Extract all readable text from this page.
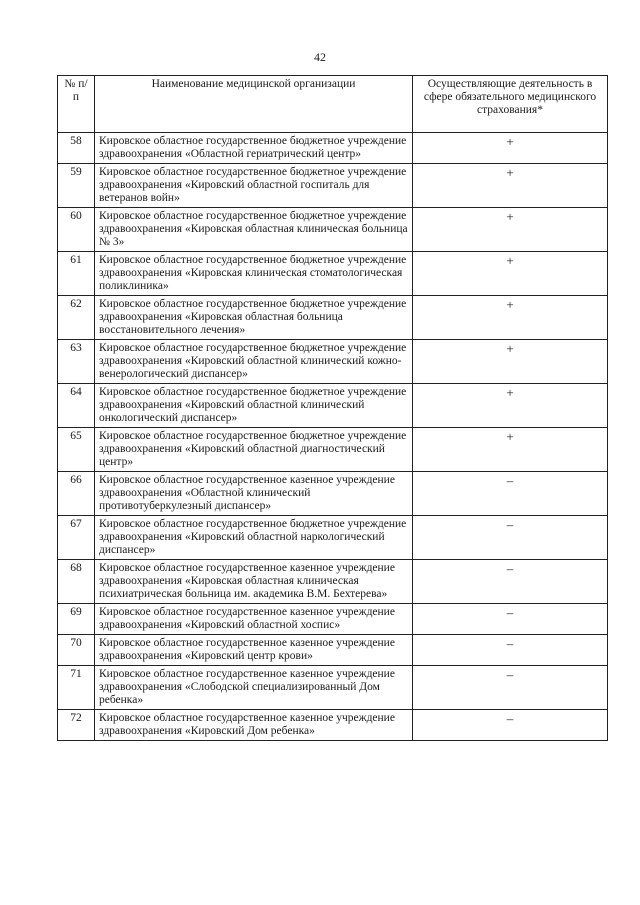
42
№ п/п	Наименование медицинской организации	Осуществляющие деятельность в сфере обязательного медицинского страхования*
58	Кировское областное государственное бюджетное учреждение здравоохранения «Областной гериатрический центр»	+
59	Кировское областное государственное бюджетное учреждение здравоохранения «Кировский областной госпиталь для ветеранов войн»	+
60	Кировское областное государственное бюджетное учреждение здравоохранения «Кировская областная клиническая больница № 3»	+
61	Кировское областное государственное бюджетное учреждение здравоохранения «Кировская клиническая стоматологическая поликлиника»	+
62	Кировское областное государственное бюджетное учреждение здравоохранения «Кировская областная больница восстановительного лечения»	+
63	Кировское областное государственное бюджетное учреждение здравоохранения «Кировский областной клинический кожно-венерологический диспансер»	+
64	Кировское областное государственное бюджетное учреждение здравоохранения «Кировский областной клинический онкологический диспансер»	+
65	Кировское областное государственное бюджетное учреждение здравоохранения «Кировский областной диагностический центр»	+
66	Кировское областное государственное казенное учреждение здравоохранения «Областной клинический противотуберкулезный диспансер»	–
67	Кировское областное государственное бюджетное учреждение здравоохранения «Кировский областной наркологический диспансер»	–
68	Кировское областное государственное казенное учреждение здравоохранения «Кировская областная клиническая психиатрическая больница им. академика В.М. Бехтерева»	–
69	Кировское областное государственное казенное учреждение здравоохранения «Кировский областной хоспис»	–
70	Кировское областное государственное казенное учреждение здравоохранения «Кировский центр крови»	–
71	Кировское областное государственное казенное учреждение здравоохранения «Слободской специализированный Дом ребенка»	–
72	Кировское областное государственное казенное учреждение здравоохранения «Кировский Дом ребенка»	–
